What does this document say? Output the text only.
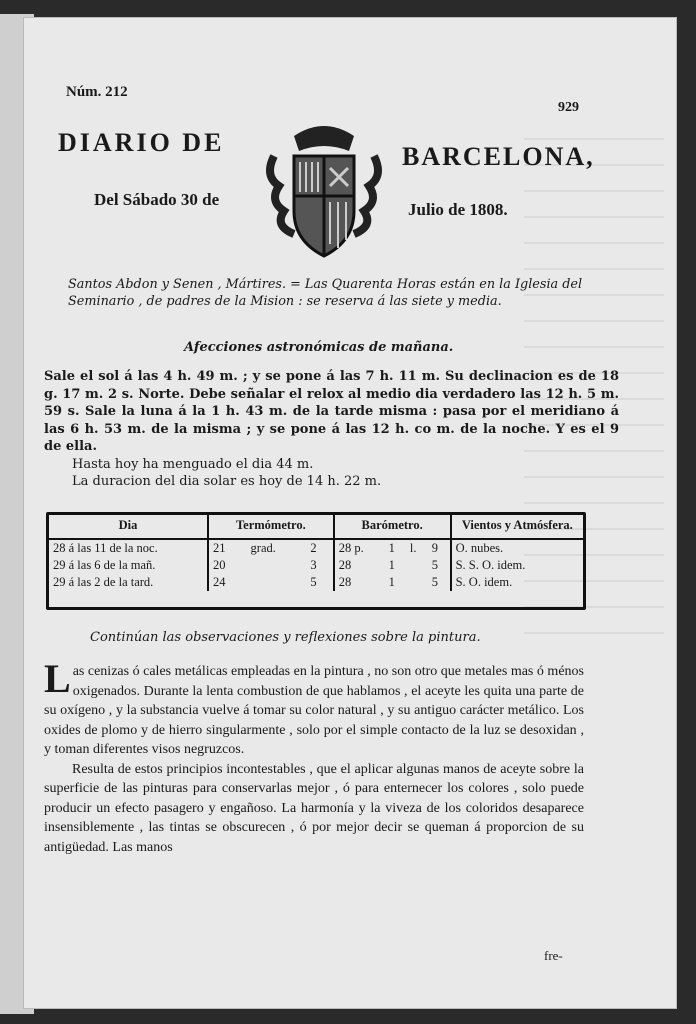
Núm. 212
929
DIARIO DE	BARCELONA,
Del Sábado 30 de
Julio de 1808.
Santos Abdon y Senen , Mártires. = Las Quarenta Horas están en la Iglesia del Seminario , de padres de la Mision : se reserva á las siete y media.
Afecciones astronómicas de mañana.
Sale el sol á las 4 h. 49 m. ; y se pone á las 7 h. 11 m. Su declinacion es de 18 g. 17 m. 2 s. Norte. Debe señalar el relox al medio dia verdadero las 12 h. 5 m. 59 s. Sale la luna á la 1 h. 43 m. de la tarde misma : pasa por el meridiano á las 6 h. 53 m. de la misma ; y se pone á las 12 h. co m. de la noche. Y es el 9 de ella.
Hasta hoy ha menguado el dia 44 m.
La duracion del dia solar es hoy de 14 h. 22 m.
Dia	Termómetro.			Barómetro.				Vientos y Atmósfera.
28 á las 11 de la noc.	21	grad.	2	28 p.	1	l.	9	O. nubes.
29 á las 6 de la mañ.	20		3	28	1		5	S. S. O. idem.
29 á las 2 de la tard.	24		5	28	1		5	S. O. idem.
Continúan las observaciones y reflexiones sobre la pintura.

Las cenizas ó cales metálicas empleadas en la pintura , no son otro que metales mas ó ménos oxigenados. Durante la lenta combustion de que hablamos , el aceyte les quita una parte de su oxígeno , y la substancia vuelve á tomar su color natural , y su antiguo carácter metálico. Los oxides de plomo y de hierro singularmente , solo por el simple contacto de la luz se desoxidan , y toman diferentes visos negruzcos.

Resulta de estos principios incontestables , que el aplicar algunas manos de aceyte sobre la superficie de las pinturas para conservarlas mejor , ó para enternecer los colores , solo puede producir un efecto pasagero y engañoso. La harmonía y la viveza de los coloridos desaparece insensiblemente , las tintas se obscurecen , ó por mejor decir se queman á proporcion de su antigüedad. Las manos

fre-
